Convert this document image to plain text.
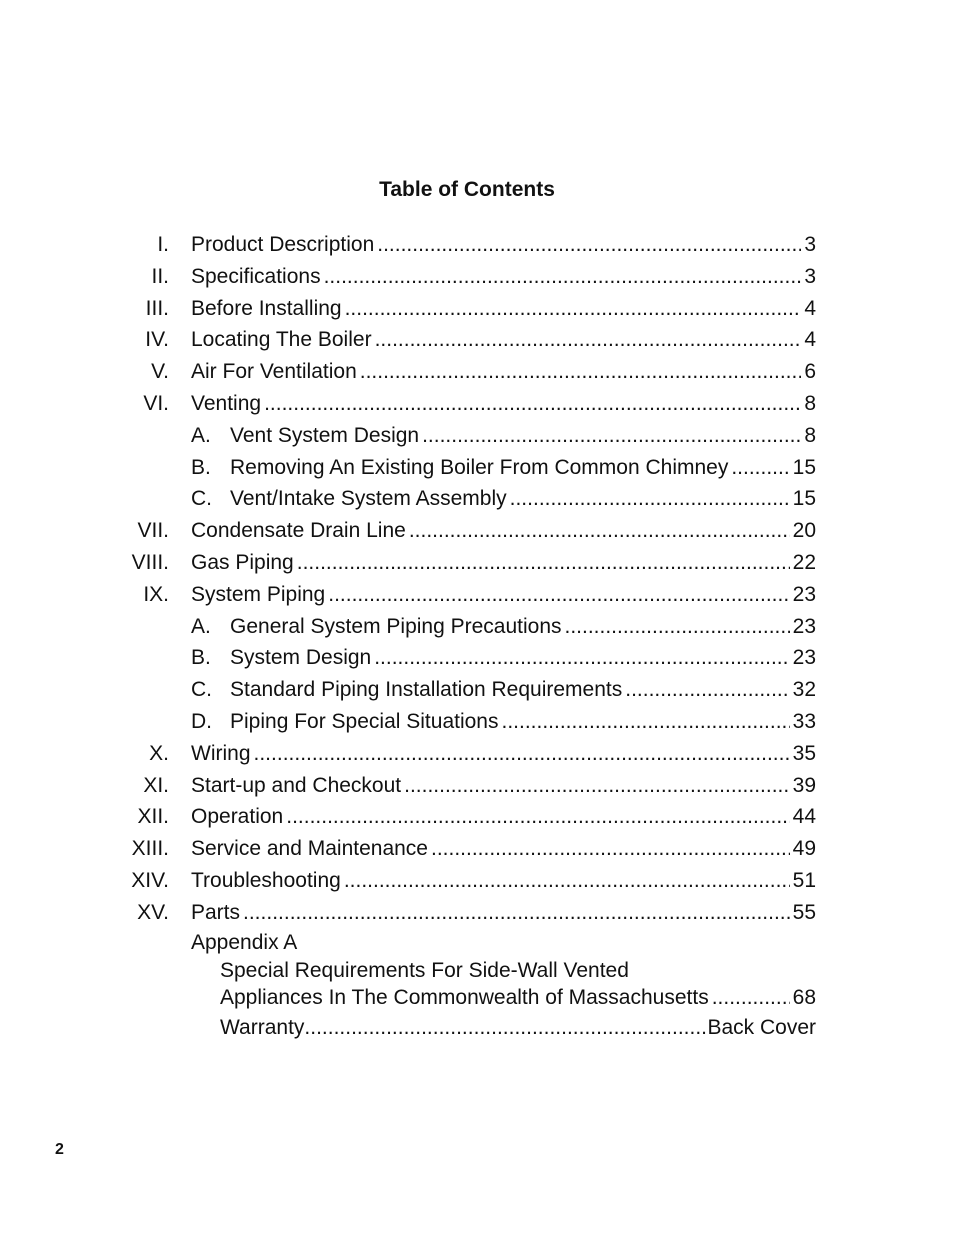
Table of Contents
I. Product Description .....	3
II. Specifications .....	3
III. Before Installing .....	4
IV. Locating The Boiler .....	4
V. Air For Ventilation .....	6
VI. Venting .....	8
A. Vent System Design .....	8
B. Removing An Existing Boiler From Common Chimney .....	15
C. Vent/Intake System Assembly .....	15
VII. Condensate Drain Line .....	20
VIII. Gas Piping .....	22
IX. System Piping .....	23
A. General System Piping Precautions .....	23
B. System Design .....	23
C. Standard Piping Installation Requirements .....	32
D. Piping For Special Situations .....	33
X. Wiring .....	35
XI. Start-up and Checkout .....	39
XII. Operation .....	44
XIII. Service and Maintenance .....	49
XIV. Troubleshooting .....	51
XV. Parts .....	55
Appendix A
Special Requirements For Side-Wall Vented
Appliances In The Commonwealth of Massachusetts .....	68
Warranty .....	Back Cover
2
